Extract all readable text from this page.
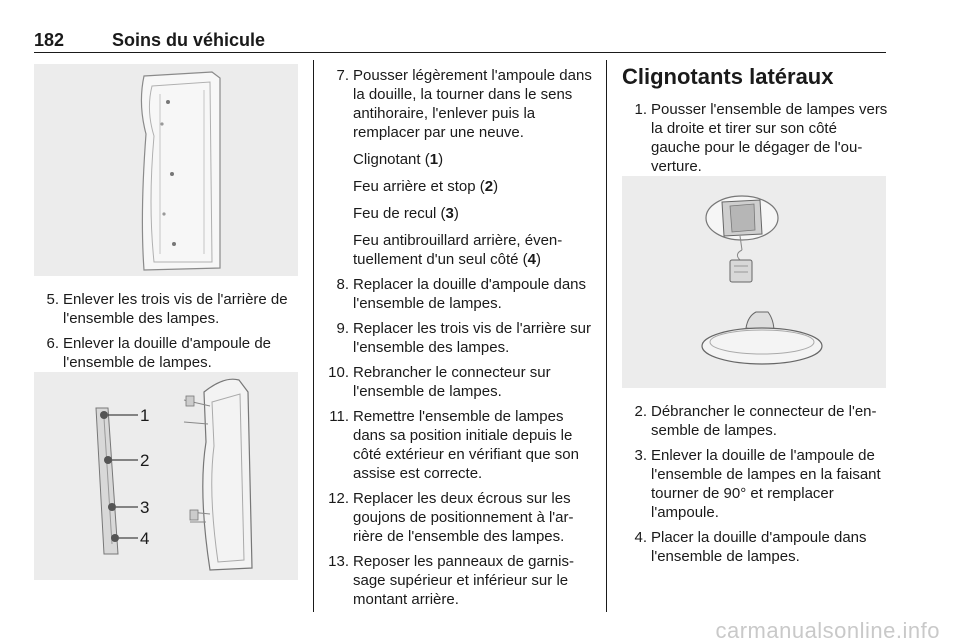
182	Soins du véhicule
5. Enlever les trois vis de l'arrière de l'ensemble des lampes.
6. Enlever la douille d'ampoule de l'ensemble de lampes.
1
2
3
4
7. Pousser légèrement l'ampoule dans la douille, la tourner dans le sens antihoraire, l'enlever puis la remplacer par une neuve.
Clignotant (1)
Feu arrière et stop (2)
Feu de recul (3)
Feu antibrouillard arrière, éventuellement d'un seul côté (4)
8. Replacer la douille d'ampoule dans l'ensemble de lampes.
9. Replacer les trois vis de l'arrière sur l'ensemble des lampes.
10. Rebrancher le connecteur sur l'ensemble de lampes.
11. Remettre l'ensemble de lampes dans sa position initiale depuis le côté extérieur en vérifiant que son assise est correcte.
12. Replacer les deux écrous sur les goujons de positionnement à l'arrière de l'ensemble des lampes.
13. Reposer les panneaux de garnissage supérieur et inférieur sur le montant arrière.
Clignotants latéraux
1. Pousser l'ensemble de lampes vers la droite et tirer sur son côté gauche pour le dégager de l'ouverture.
2. Débrancher le connecteur de l'ensemble de lampes.
3. Enlever la douille de l'ampoule de l'ensemble de lampes en la faisant tourner de 90° et remplacer l'ampoule.
4. Placer la douille d'ampoule dans l'ensemble de lampes.
carmanualsonline.info
